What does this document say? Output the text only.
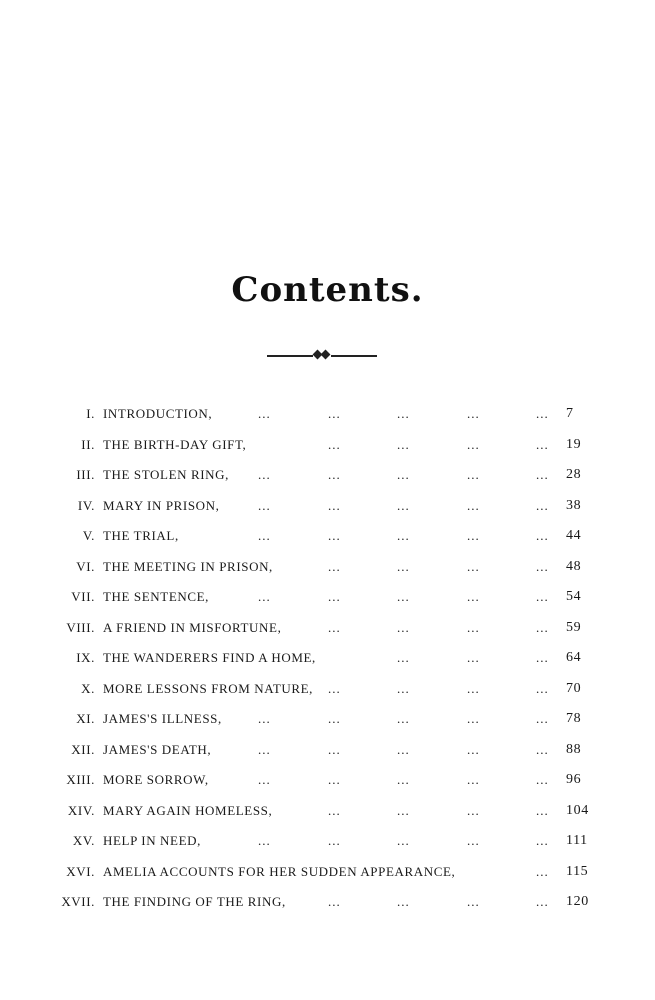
Contents.
I. INTRODUCTION,	...	...	...	...	... 7
II. THE BIRTH-DAY GIFT,	...	...	...	... 19
III. THE STOLEN RING, ...	...	...	...	... 28
IV. MARY IN PRISON,	...	...	...	...	... 38
V. THE TRIAL,	...	...	...	...	... 44
VI. THE MEETING IN PRISON,	...	...	...	... 48
VII. THE SENTENCE,	...	...	...	...	... 54
VIII. A FRIEND IN MISFORTUNE,	...	...	...	... 59
IX. THE WANDERERS FIND A HOME,	...	...	... 64
X. MORE LESSONS FROM NATURE, ...	...	...	... 70
XI. JAMES'S ILLNESS,	...	...	...	...	... 78
XII. JAMES'S DEATH,	...	...	...	...	... 88
XIII. MORE SORROW,	...	...	...	...	... 96
XIV. MARY AGAIN HOMELESS,	...	...	...	... 104
XV. HELP IN NEED,	...	...	...	...	... 111
XVI. AMELIA ACCOUNTS FOR HER SUDDEN APPEARANCE,	... 115
XVII. THE FINDING OF THE RING,	...	...	...	... 120
